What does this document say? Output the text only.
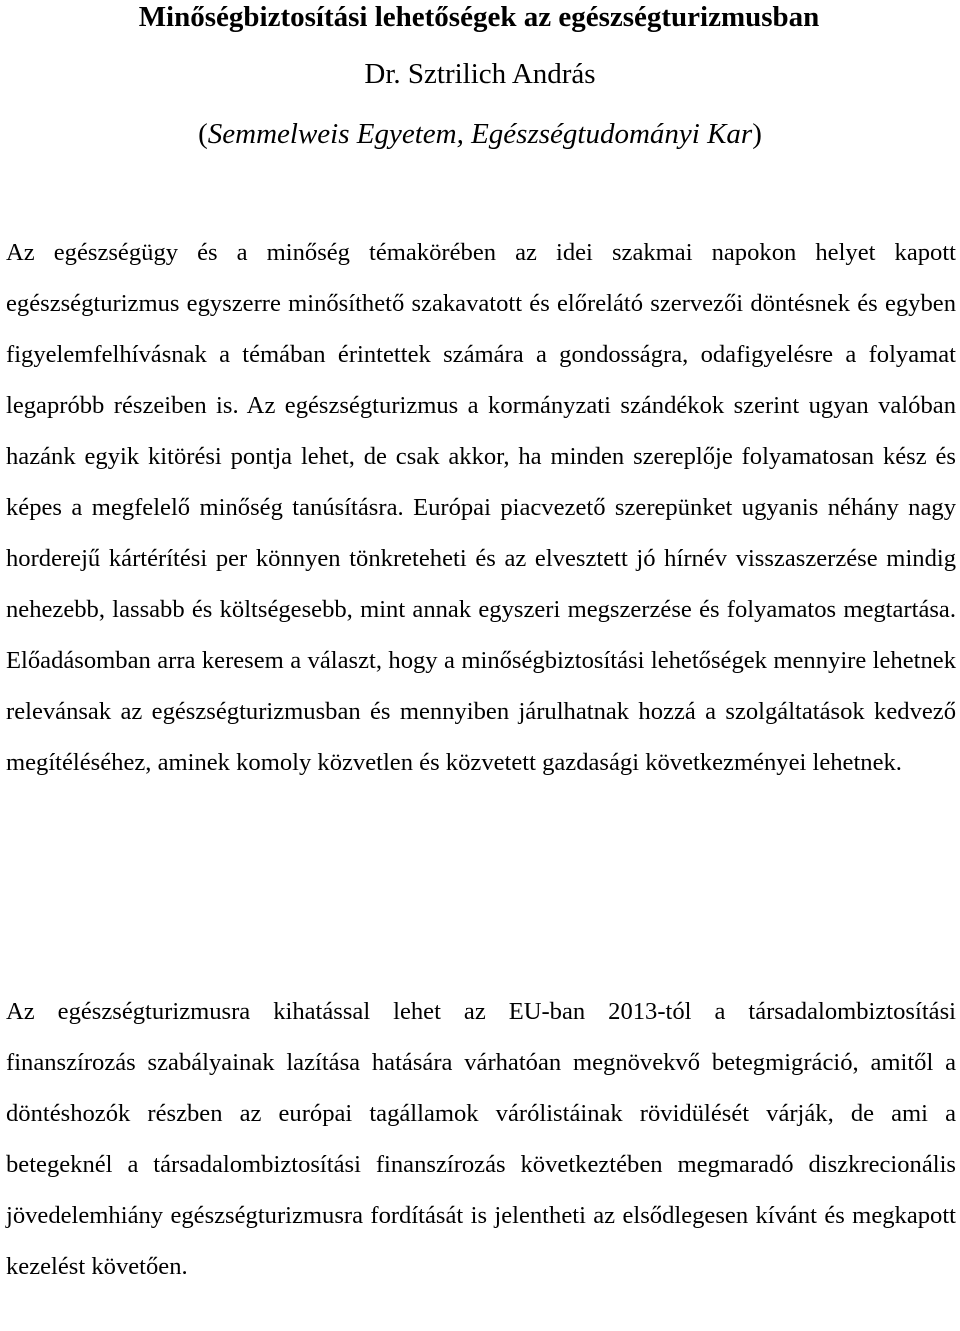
Minőségbiztosítási lehetőségek az egészségturizmusban

Dr. Sztrilich András

(Semmelweis Egyetem, Egészségtudományi Kar)

Az egészségügy és a minőség témakörében az idei szakmai napokon helyet kapott egészségturizmus egyszerre minősíthető szakavatott és előrelátó szervezői döntésnek és egyben figyelemfelhívásnak a témában érintettek számára a gondosságra, odafigyelésre a folyamat legapróbb részeiben is. Az egészségturizmus a kormányzati szándékok szerint ugyan valóban hazánk egyik kitörési pontja lehet, de csak akkor, ha minden szereplője folyamatosan kész és képes a megfelelő minőség tanúsításra. Európai piacvezető szerepünket ugyanis néhány nagy horderejű kártérítési per könnyen tönkreteheti és az elvesztett jó hírnév visszaszerzése mindig nehezebb, lassabb és költségesebb, mint annak egyszeri megszerzése és folyamatos megtartása. Előadásomban arra keresem a választ, hogy a minőségbiztosítási lehetőségek mennyire lehetnek relevánsak az egészségturizmusban és mennyiben járulhatnak hozzá a szolgáltatások kedvező megítéléséhez, aminek komoly közvetlen és közvetett gazdasági következményei lehetnek.

Az egészségturizmusra kihatással lehet az EU-ban 2013-tól a társadalombiztosítási finanszírozás szabályainak lazítása hatására várhatóan megnövekvő betegmigráció, amitől a döntéshozók részben az európai tagállamok várólistáinak rövidülését várják, de ami a betegeknél a társadalombiztosítási finanszírozás következtében megmaradó diszkrecionális jövedelemhiány egészségturizmusra fordítását is jelentheti az elsődlegesen kívánt és megkapott kezelést követően.
